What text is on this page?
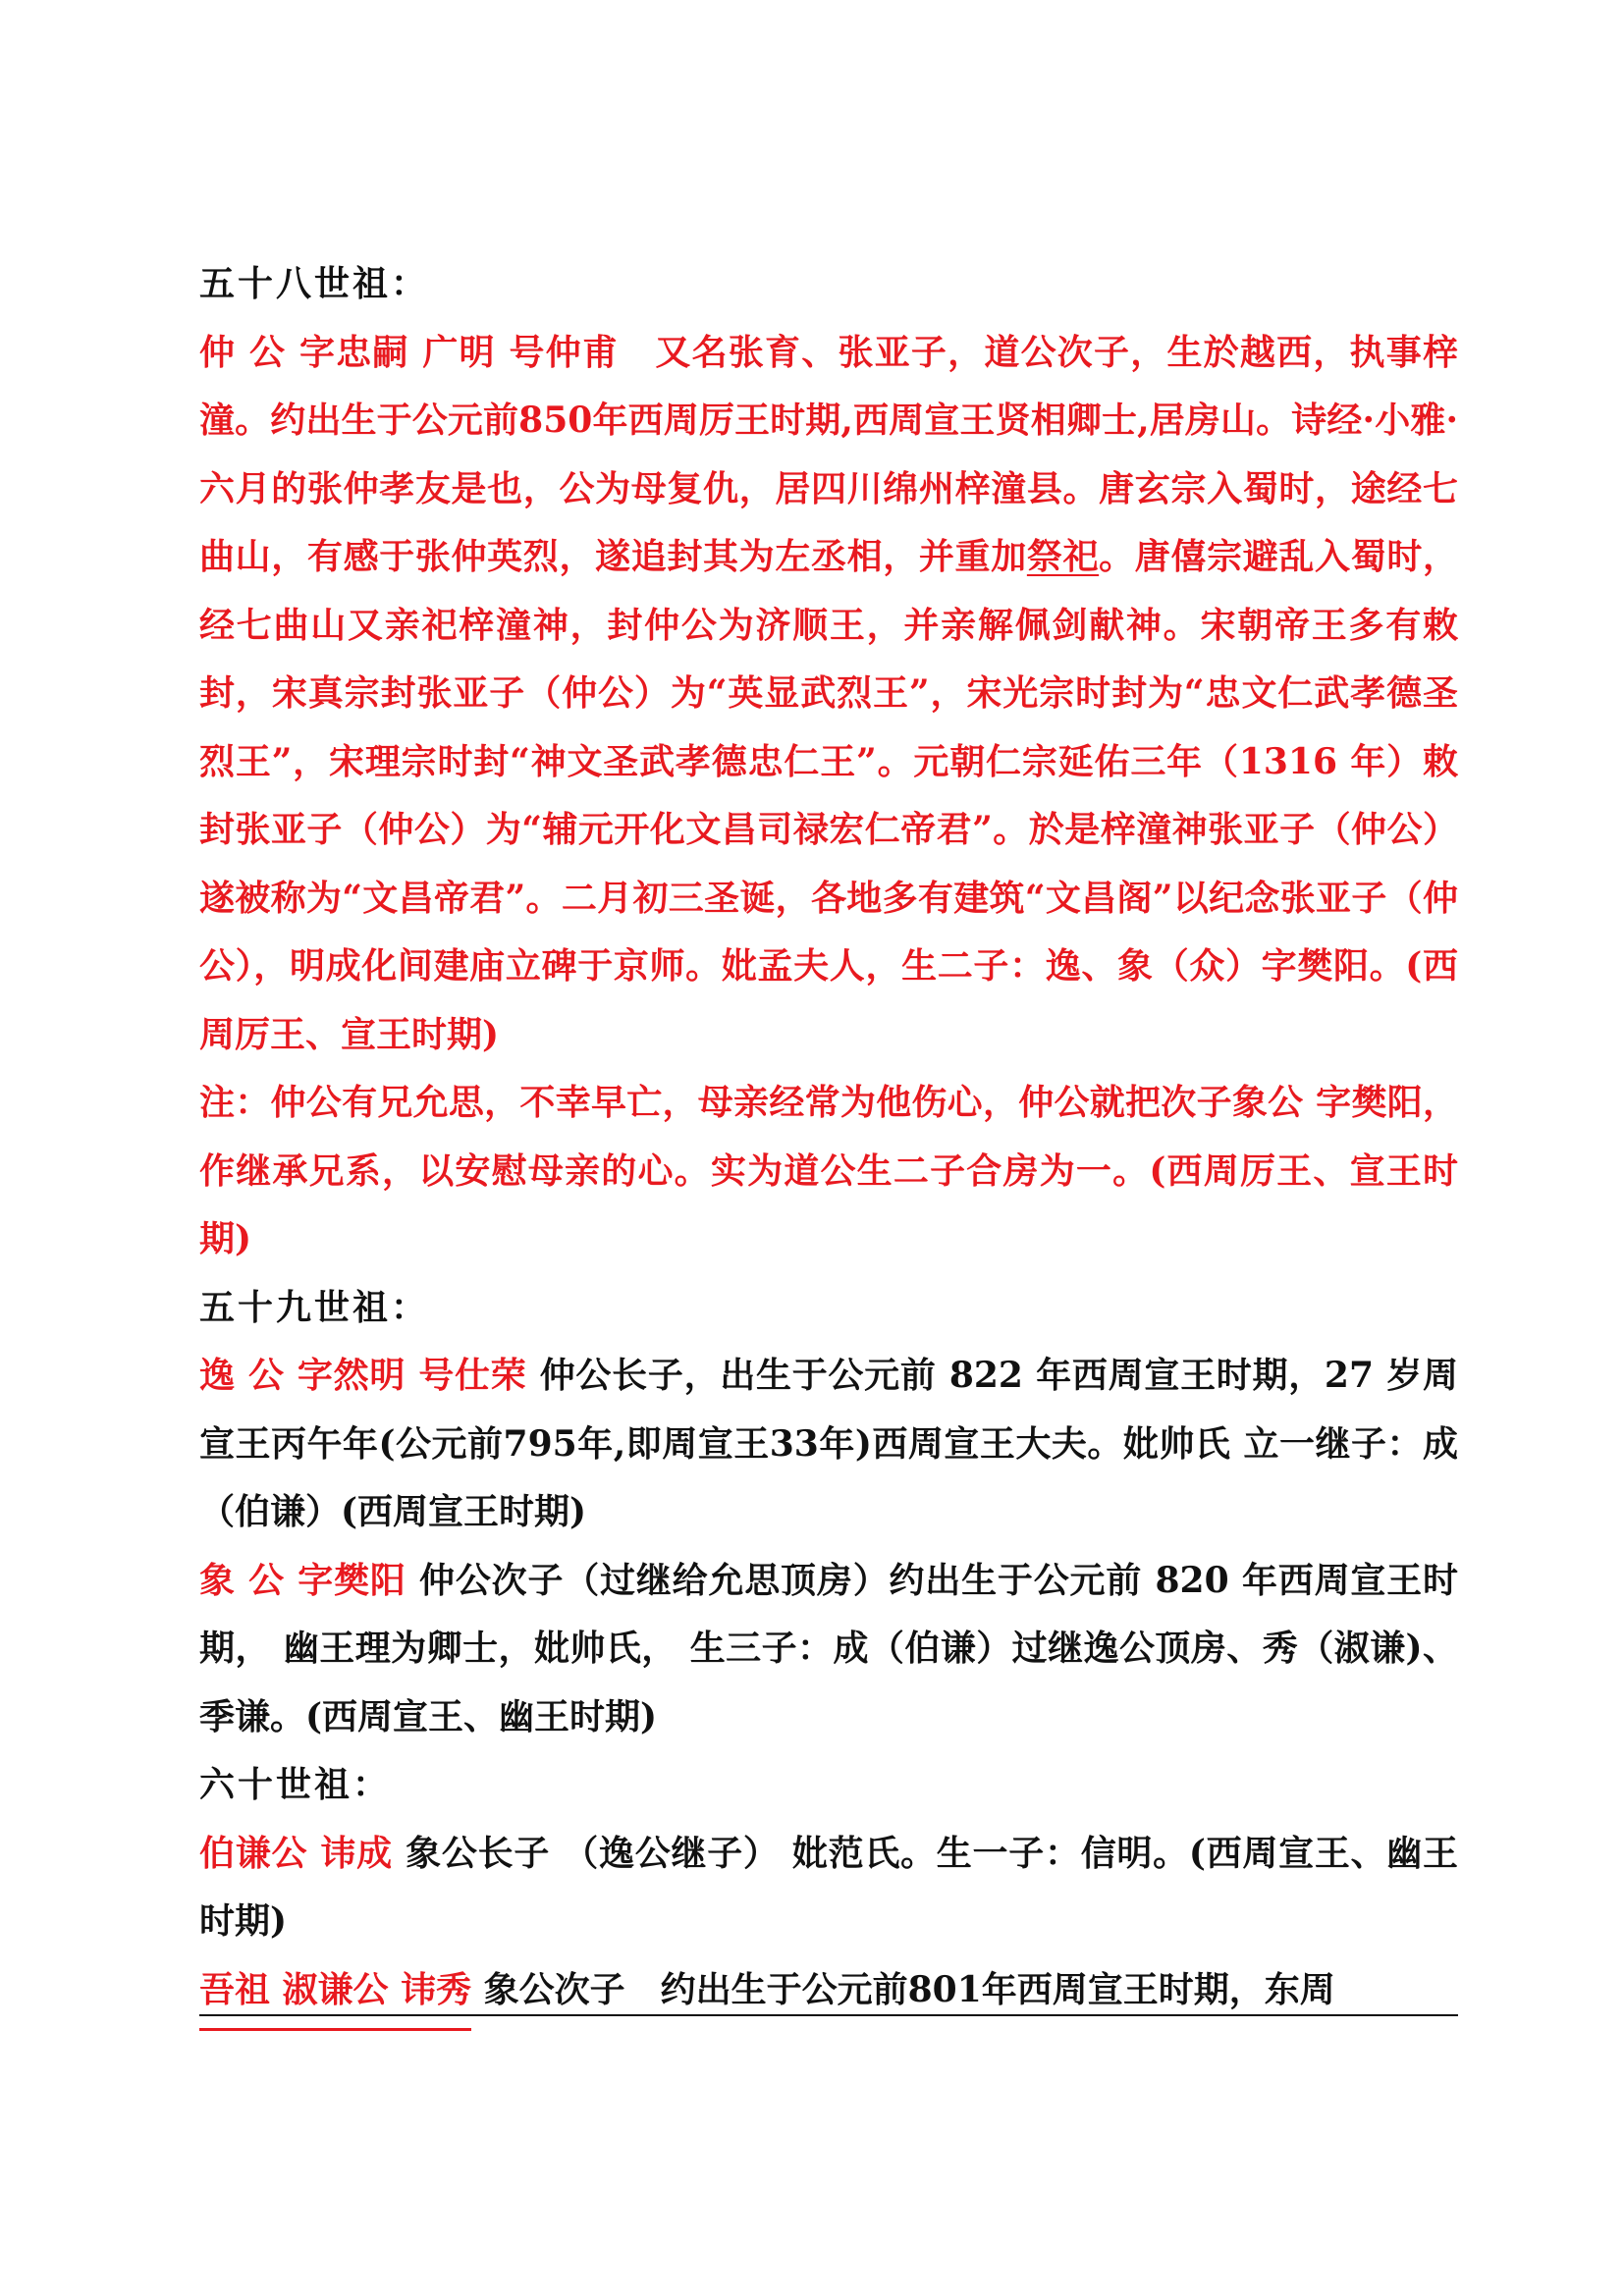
五十八世祖：

仲 公 字忠嗣 广明 号仲甫　又名张育、张亚子，道公次子，生於越西，执事梓潼。约出生于公元前850年西周厉王时期,西周宣王贤相卿士,居房山。诗经·小雅·六月的张仲孝友是也，公为母复仇，居四川绵州梓潼县。唐玄宗入蜀时，途经七曲山，有感于张仲英烈，遂追封其为左丞相，并重加祭祀。唐僖宗避乱入蜀时，经七曲山又亲祀梓潼神，封仲公为济顺王，并亲解佩剑献神。宋朝帝王多有敕封，宋真宗封张亚子（仲公）为“英显武烈王”，宋光宗时封为“忠文仁武孝德圣烈王”，宋理宗时封“神文圣武孝德忠仁王”。元朝仁宗延佑三年（1316 年）敕封张亚子（仲公）为“辅元开化文昌司禄宏仁帝君”。於是梓潼神张亚子（仲公）遂被称为“文昌帝君”。二月初三圣诞，各地多有建筑“文昌阁”以纪念张亚子（仲公），明成化间建庙立碑于京师。妣孟夫人，生二子：逸、象（众）字樊阳。(西周厉王、宣王时期)

注：仲公有兄允思，不幸早亡，母亲经常为他伤心，仲公就把次子象公 字樊阳，作继承兄系，以安慰母亲的心。实为道公生二子合房为一。(西周厉王、宣王时期)

五十九世祖：

逸 公 字然明 号仕荣 仲公长子，出生于公元前 822 年西周宣王时期，27 岁周宣王丙午年(公元前795年,即周宣王33年)西周宣王大夫。妣帅氏 立一继子：成（伯谦）(西周宣王时期)

象 公 字樊阳 仲公次子（过继给允思顶房）约出生于公元前 820 年西周宣王时期， 幽王理为卿士，妣帅氏， 生三子：成（伯谦）过继逸公顶房、秀（淑谦)、季谦。(西周宣王、幽王时期)

六十世祖：

伯谦公 讳成 象公长子 （逸公继子） 妣范氏。生一子：信明。(西周宣王、幽王时期)

吾祖 淑谦公 讳秀 象公次子　约出生于公元前801年西周宣王时期，东周
